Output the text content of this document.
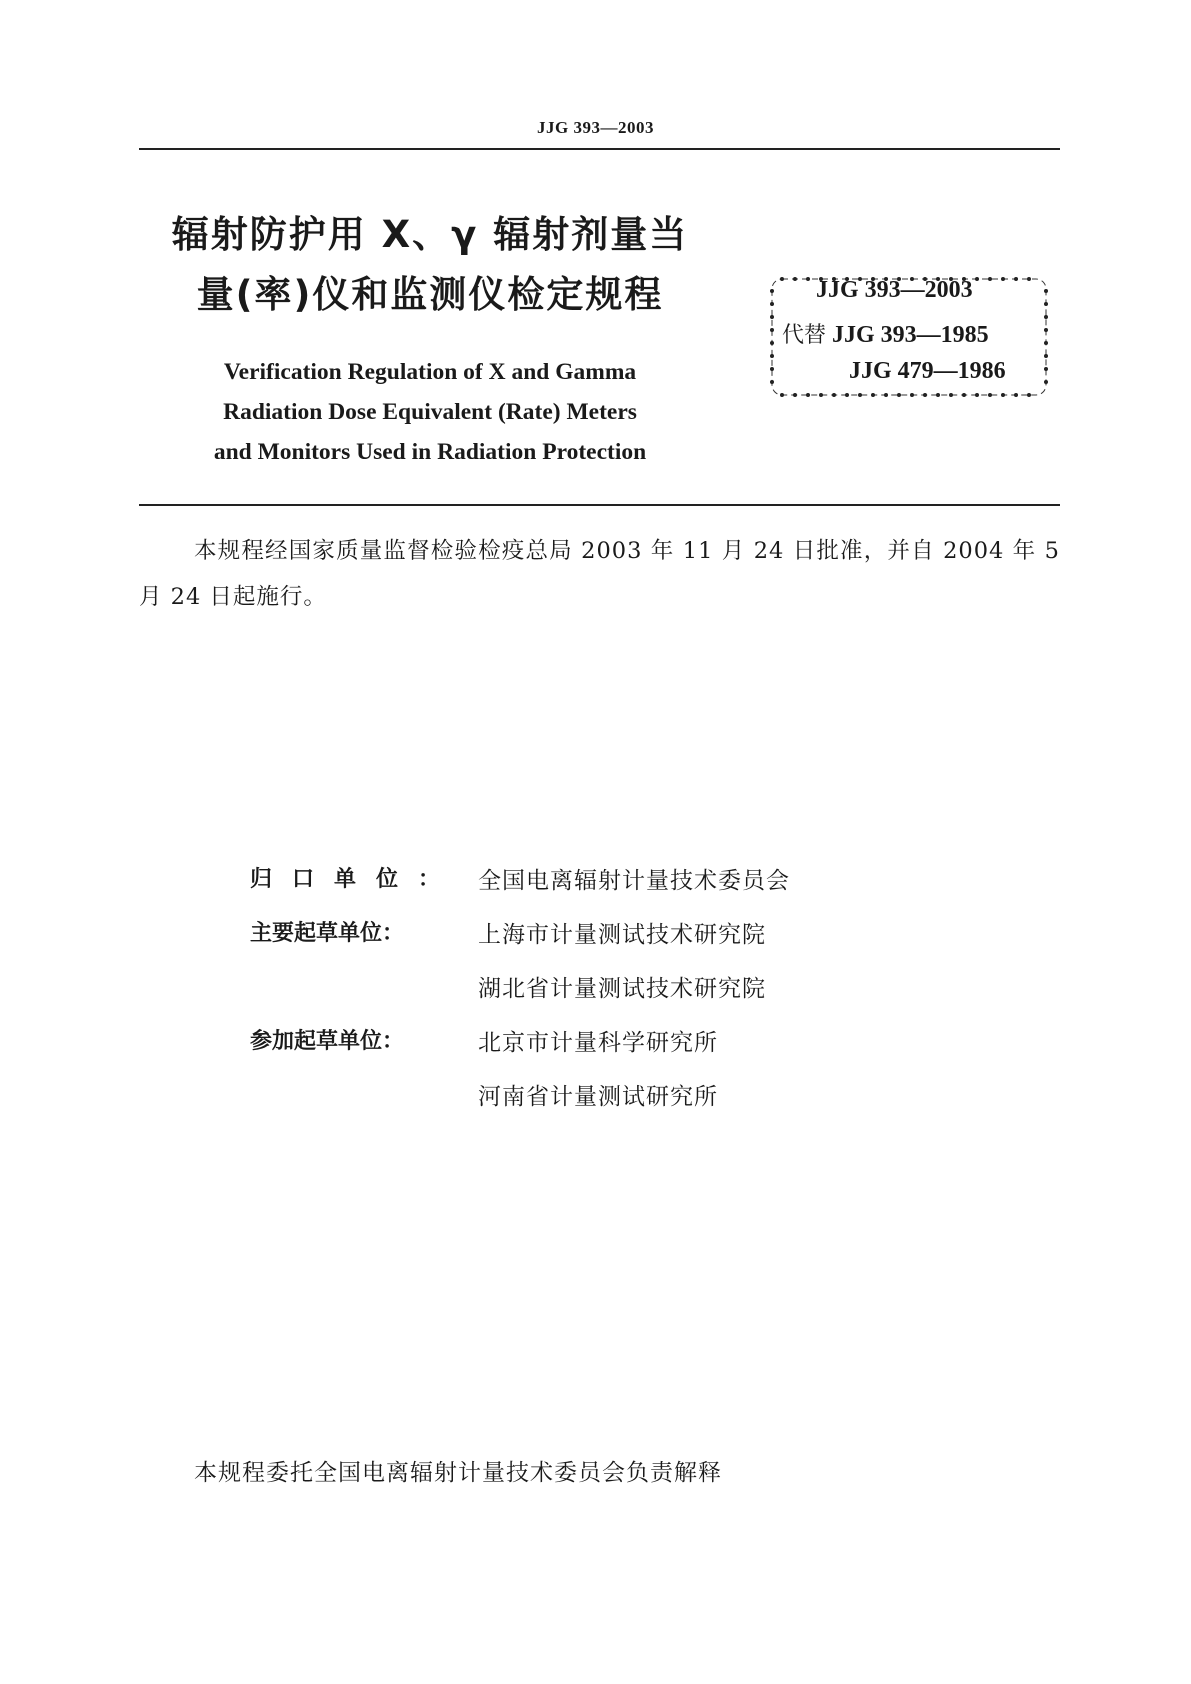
JJG 393—2003
辐射防护用 X、γ 辐射剂量当
量(率)仪和监测仪检定规程
Verification Regulation of X and Gamma
Radiation Dose Equivalent (Rate) Meters
and Monitors Used in Radiation Protection
JJG 393—2003
代替 JJG 393—1985
JJG 479—1986
本规程经国家质量监督检验检疫总局 2003 年 11 月 24 日批准，并自 2004 年 5 月 24 日起施行。
归口单位： 全国电离辐射计量技术委员会
主要起草单位：	上海市计量测试技术研究院
湖北省计量测试技术研究院
参加起草单位：	北京市计量科学研究所
河南省计量测试研究所
本规程委托全国电离辐射计量技术委员会负责解释
